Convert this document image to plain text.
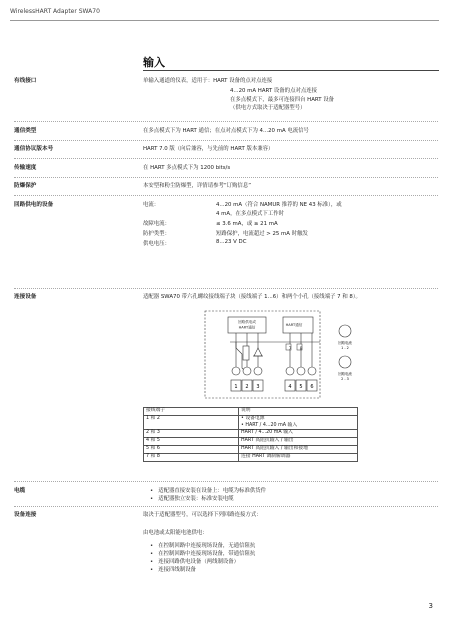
WirelessHART Adapter SWA70
输入
有线接口	单输入通道的仪表，适用于：HART 设备的点对点连接
4...20 mA HART 设备的点对点连接
在多点模式下，最多可连接四台 HART 设备
（供电方式取决于适配器型号）
通信类型	在多点模式下为 HART 通信；在点对点模式下为 4...20 mA 电流信号
通信协议版本号	HART 7.0 版（向后兼容，与先前的 HART 版本兼容）
传输速度	在 HART 多点模式下为 1200 bits/s
防爆保护	本安型和粉尘防爆型，详情请参考“订购信息”
回路供电的设备	电流：	4...20 mA（符合 NAMUR 推荐的 NE 43 标准），或
4 mA，在多点模式下工作时
故障电流：	≤ 3.6 mA，或 ≥ 21 mA
防护类型：	短路保护，电流超过 > 25 mA 时触发
供电电压：	8...23 V DC
连接设备	适配器 SWA70 带六孔螺纹接线端子块（接线端子 1...6）和两个小孔（接线端子 7 和 8）。
回路供电或
HART通信
HART通信
7 8
1 2 3	4 5 6
回路电流
1 - 2
回路电流
2 - 3
接线端子	说明
1 和 2	• 设备电源
• HART / 4...20 mA 输入
2 和 3	HART / 4...20 mA 输入
4 和 5	HART 高阻抗输入 / 输出
5 和 6	HART 高阻抗输入 / 输出和接地
7 和 8	连接 HART 调制解调器
电缆	• 适配器直接安装在设备上：电缆为标准供货件
• 适配器独立安装：标准安装电缆
设备连接	取决于适配器型号，可以选择下列回路连接方式：
由电池或太阳能电池供电：
• 在控制回路中连接现场设备，无通信阻抗
• 在控制回路中连接现场设备，带通信阻抗
• 连接回路供电设备（两线制设备）
• 连接四线制设备
3
